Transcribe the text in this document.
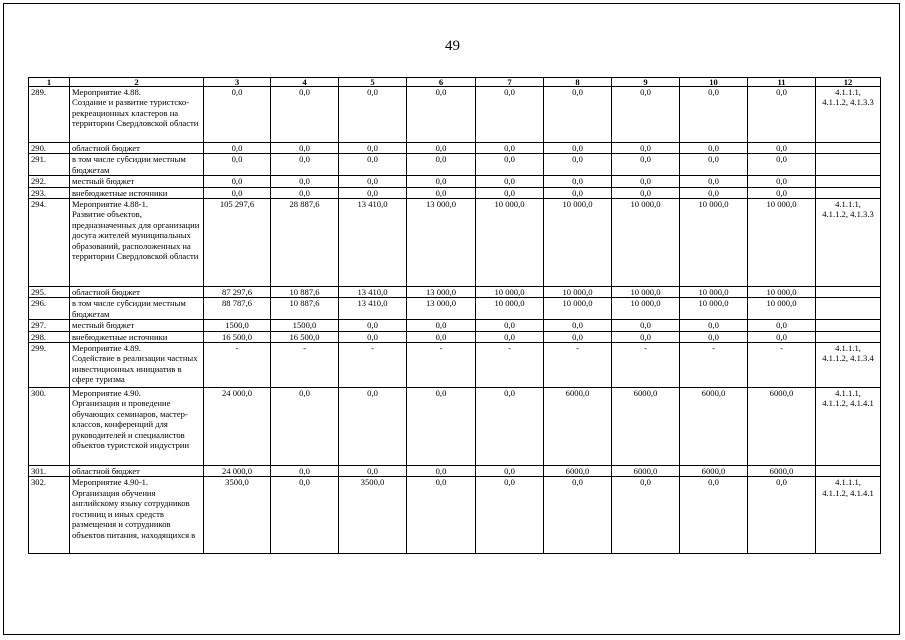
49
1	2	3	4	5	6	7	8	9	10	11	12
289.	Мероприятие 4.88.
Создание и развитие туристско-рекреационных кластеров на территории Свердловской области	0,0	0,0	0,0	0,0	0,0	0,0	0,0	0,0	0,0	4.1.1.1,
4.1.1.2, 4.1.3.3
290.	областной бюджет	0,0	0,0	0,0	0,0	0,0	0,0	0,0	0,0	0,0	
291.	в том числе субсидии местным бюджетам	0,0	0,0	0,0	0,0	0,0	0,0	0,0	0,0	0,0	
292.	местный бюджет	0,0	0,0	0,0	0,0	0,0	0,0	0,0	0,0	0,0	
293.	внебюджетные источники	0,0	0,0	0,0	0,0	0,0	0,0	0,0	0,0	0,0	
294.	Мероприятие 4.88-1.
Развитие объектов, предназначенных для организации досуга жителей муниципальных образований, расположенных на территории Свердловской области	105 297,6	28 887,6	13 410,0	13 000,0	10 000,0	10 000,0	10 000,0	10 000,0	10 000,0	4.1.1.1,
4.1.1.2, 4.1.3.3
295.	областной бюджет	87 297,6	10 887,6	13 410,0	13 000,0	10 000,0	10 000,0	10 000,0	10 000,0	10 000,0	
296.	в том числе субсидии местным бюджетам	88 787,6	10 887,6	13 410,0	13 000,0	10 000,0	10 000,0	10 000,0	10 000,0	10 000,0	
297.	местный бюджет	1500,0	1500,0	0,0	0,0	0,0	0,0	0,0	0,0	0,0	
298.	внебюджетные источники	16 500,0	16 500,0	0,0	0,0	0,0	0,0	0,0	0,0	0,0	
299.	Мероприятие 4.89.
Содействие в реализации частных инвестиционных инициатив в сфере туризма	-	-	-	-	-	-	-	-	-	4.1.1.1,
4.1.1.2, 4.1.3.4
300.	Мероприятие 4.90.
Организация и проведение обучающих семинаров, мастер-классов, конференций для руководителей и специалистов объектов туристской индустрии	24 000,0	0,0	0,0	0,0	0,0	6000,0	6000,0	6000,0	6000,0	4.1.1.1,
4.1.1.2, 4.1.4.1
301.	областной бюджет	24 000,0	0,0	0,0	0,0	0,0	6000,0	6000,0	6000,0	6000,0	
302.	Мероприятие 4.90-1.
Организация обучения английскому языку сотрудников гостиниц и иных средств размещения и сотрудников объектов питания, находящихся в	3500,0	0,0	3500,0	0,0	0,0	0,0	0,0	0,0	0,0	4.1.1.1,
4.1.1.2, 4.1.4.1
